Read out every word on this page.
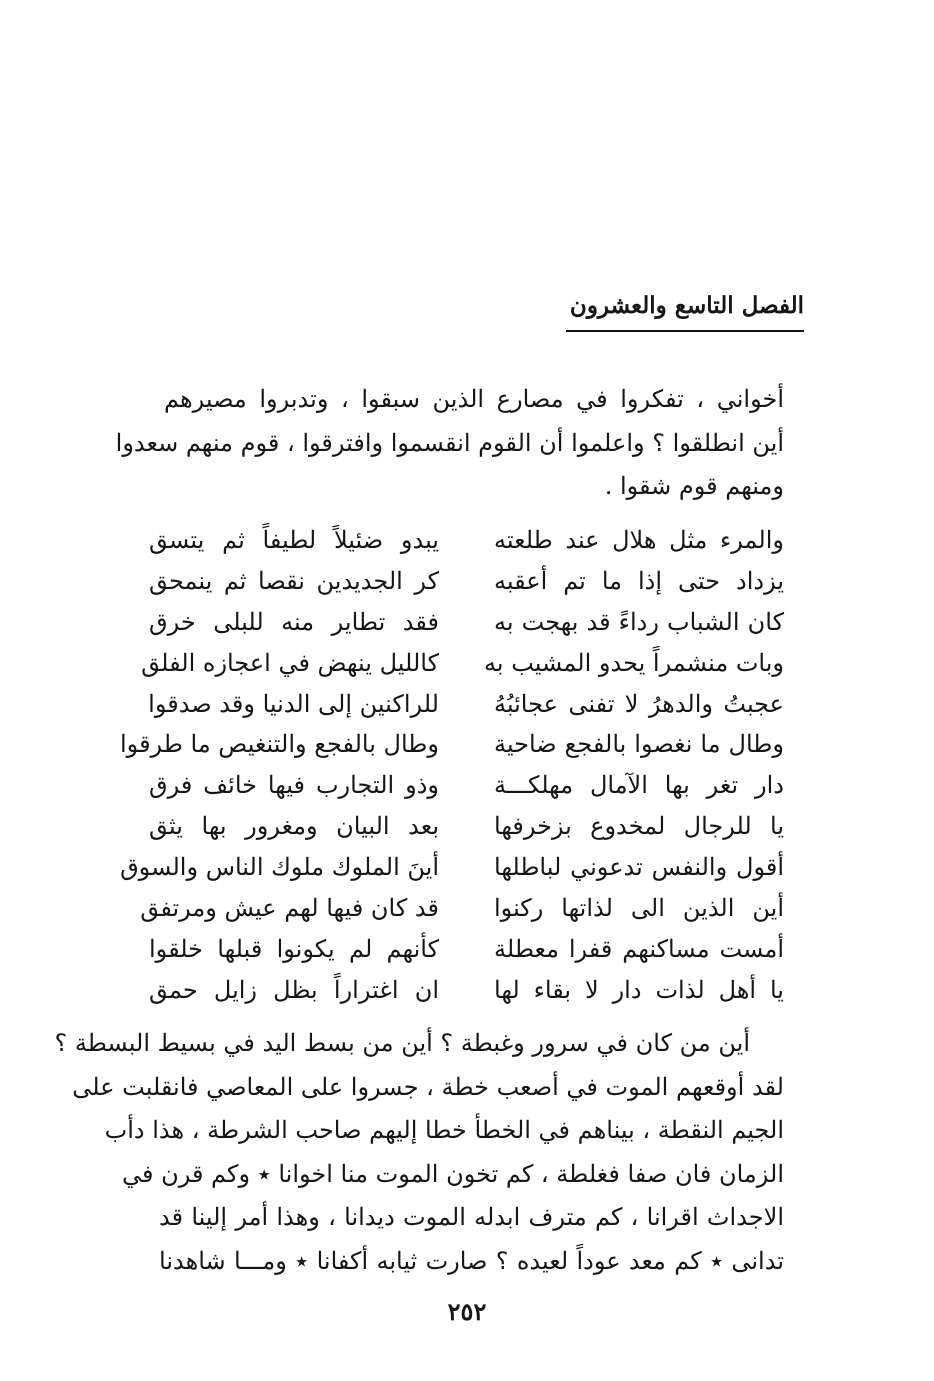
الفصل التاسع والعشرون
أخواني ، تفكروا في مصارع الذين سبقوا ، وتدبروا مصيرهم
أين انطلقوا ؟ واعلموا أن القوم انقسموا وافترقوا ، قوم منهم سعدوا
ومنهم قوم شقوا .
والمرء مثل هلال عند طلعته
يبدو ضئيلاً لطيفاً ثم يتسق
يزداد حتى إذا ما تم أعقبه
كر الجديدين نقصا ثم ينمحق
كان الشباب رداءً قد بهجت به
فقد تطاير منه للبلى خرق
وبات منشمراً يحدو المشيب به
كالليل ينهض في اعجازه الفلق
عجبتُ والدهرُ لا تفنى عجائبُهُ
للراكنين إلى الدنيا وقد صدقوا
وطال ما نغصوا بالفجع ضاحية
وطال بالفجع والتنغيص ما طرقوا
دار تغر بها الآمال مهلكـــة
وذو التجارب فيها خائف فرق
يا للرجال لمخدوع بزخرفها
بعد البيان ومغرور بها يثق
أقول والنفس تدعوني لباطلها
أينَ الملوك ملوك الناس والسوق
أين الذين الى لذاتها ركنوا
قد كان فيها لهم عيش ومرتفق
أمست مساكنهم قفرا معطلة
كأنهم لم يكونوا قبلها خلقوا
يا أهل لذات دار لا بقاء لها
ان اغتراراً بظل زايل حمق
أين من كان في سرور وغبطة ؟ أين من بسط اليد في بسيط البسطة ؟
لقد أوقعهم الموت في أصعب خطة ، جسروا على المعاصي فانقلبت على
الجيم النقطة ، بيناهم في الخطأ خطا إليهم صاحب الشرطة ، هذا دأب
الزمان فان صفا فغلطة ، كم تخون الموت منا اخوانا ٭ وكم قرن في
الاجداث اقرانا ، كم مترف ابدله الموت ديدانا ، وهذا أمر إلينا قد
تدانى ٭ كم معد عوداً لعيده ؟ صارت ثيابه أكفانا ٭ ومـــا شاهدنا
٢٥٢
